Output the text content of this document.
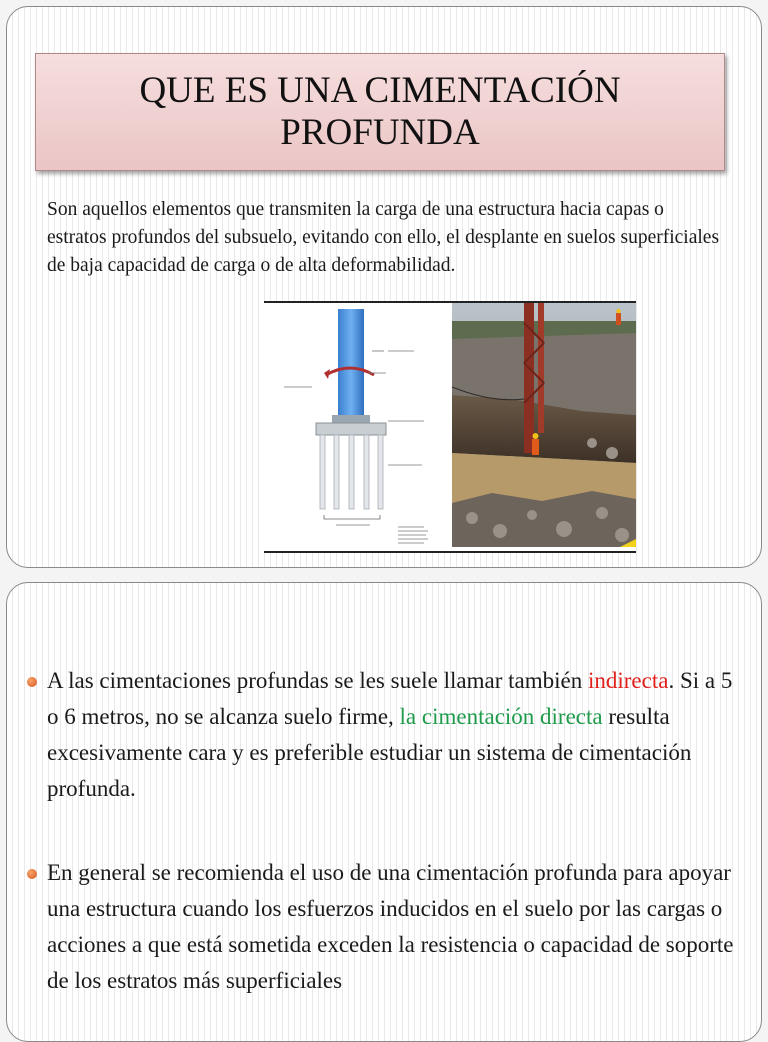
QUE ES UNA CIMENTACIÓN PROFUNDA

Son aquellos elementos que transmiten la carga de una estructura hacia capas o estratos profundos del subsuelo, evitando con ello, el desplante en suelos superficiales de baja capacidad de carga o de alta deformabilidad.

A las cimentaciones profundas se les suele llamar también indirecta. Si a 5 o 6 metros, no se alcanza suelo firme, la cimentación directa resulta excesivamente cara y es preferible estudiar un sistema de cimentación profunda.
En general se recomienda el uso de una cimentación profunda para apoyar una estructura cuando los esfuerzos inducidos en el suelo por las cargas o acciones a que está sometida exceden la resistencia o capacidad de soporte de los estratos más superficiales
